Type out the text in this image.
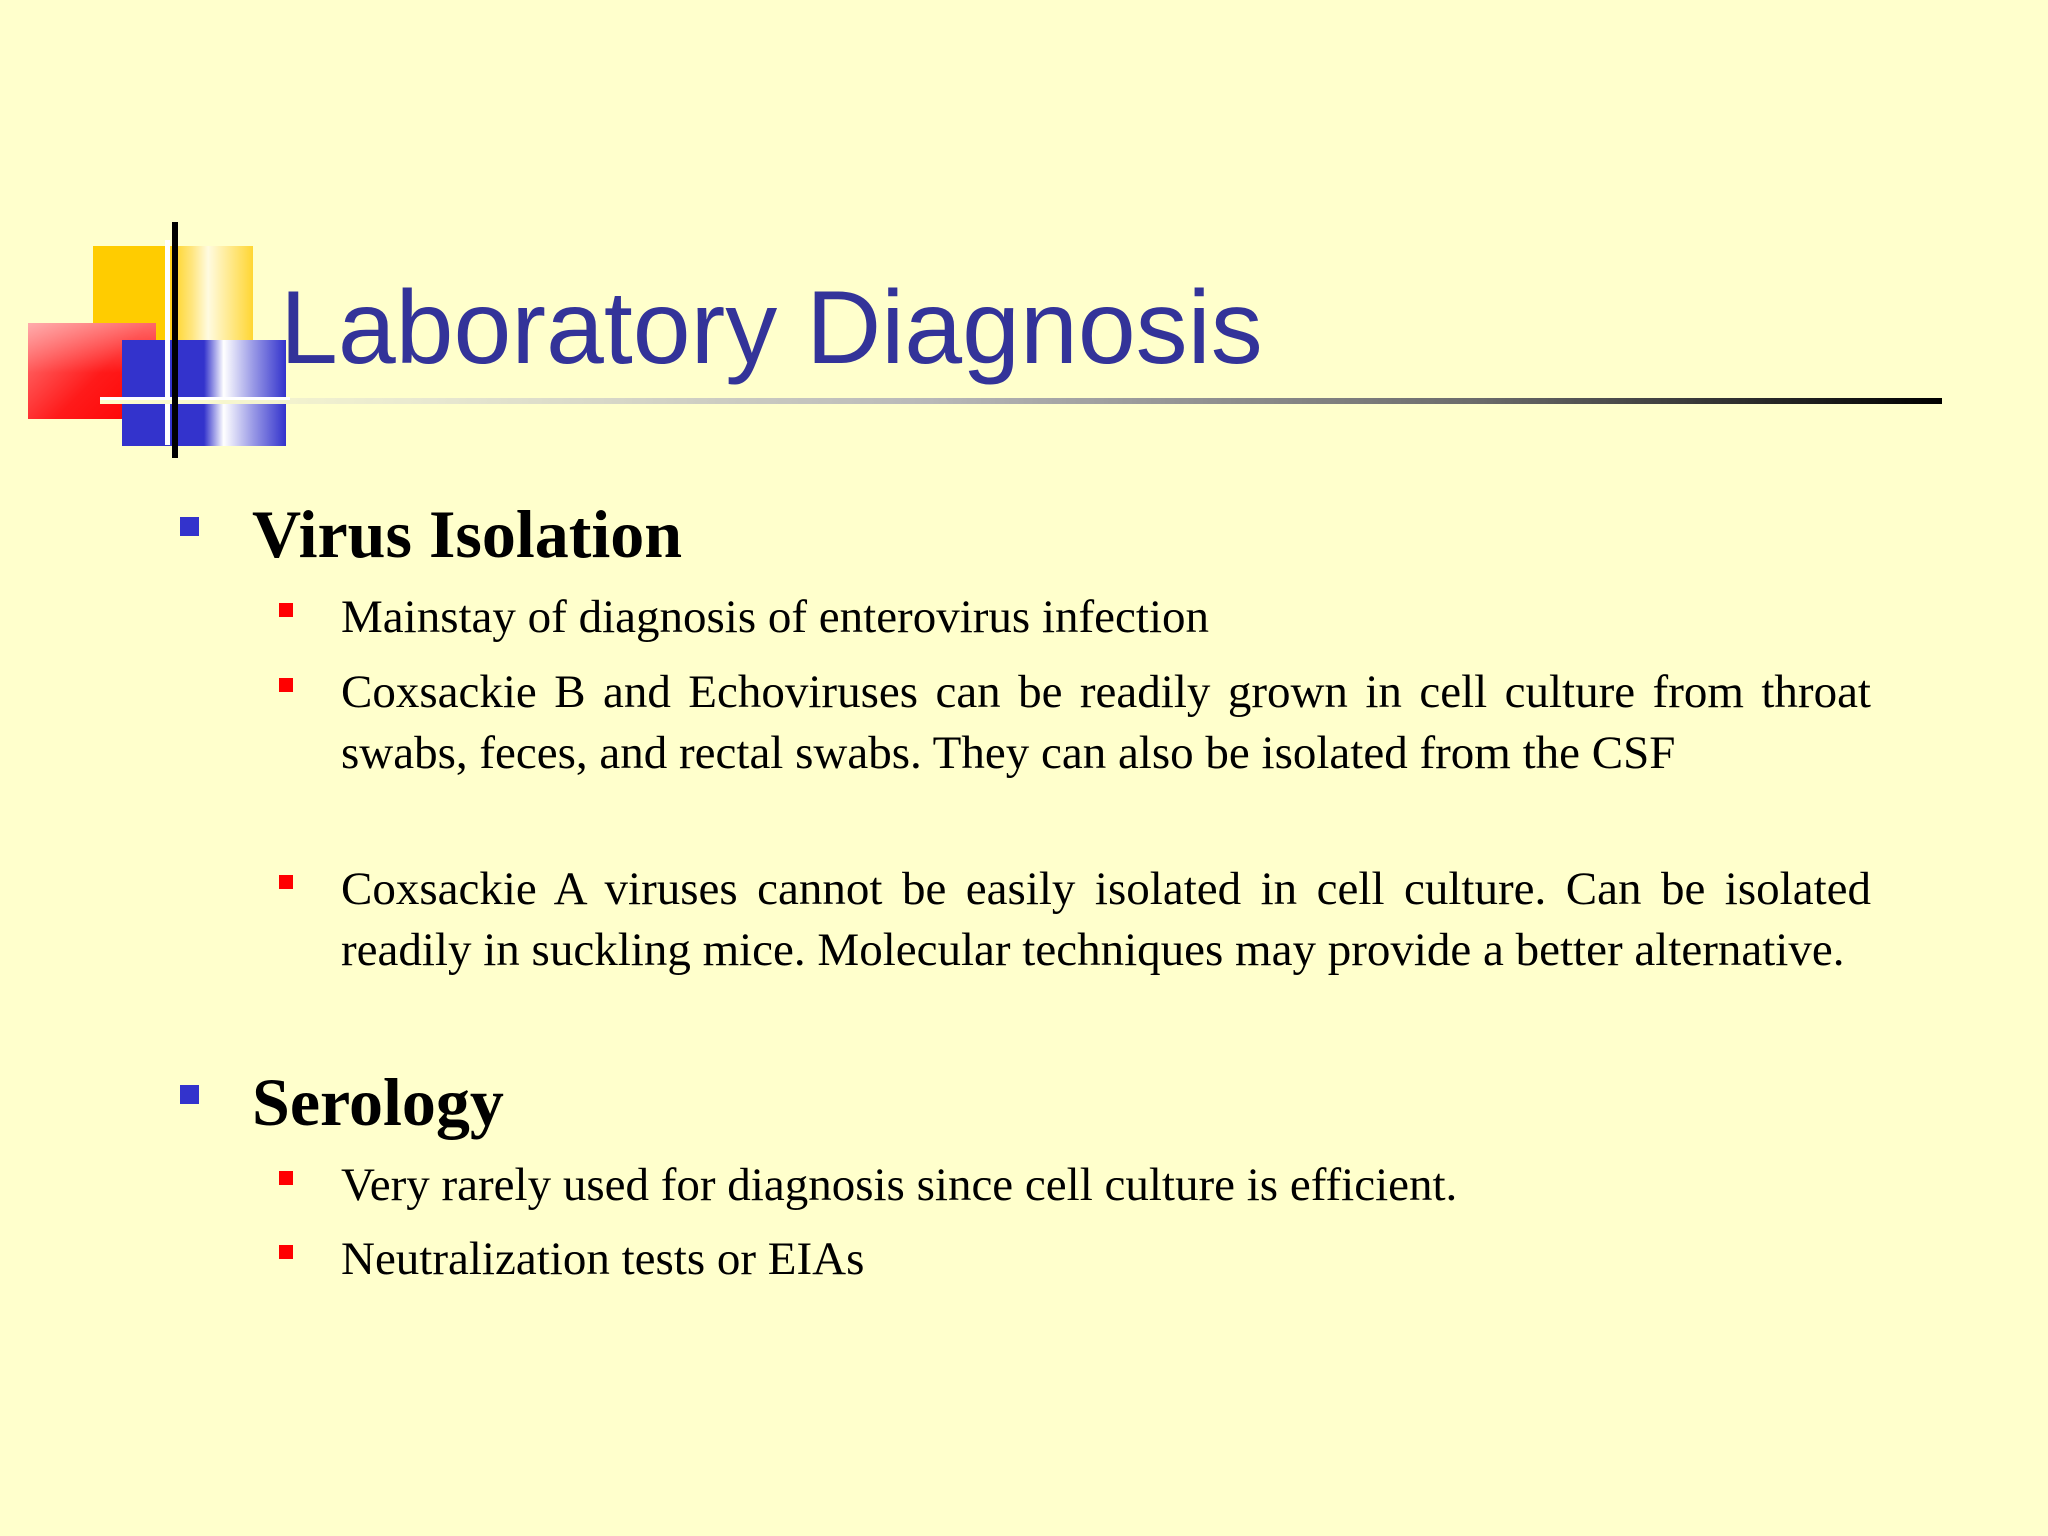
Laboratory Diagnosis
Virus Isolation
Mainstay of diagnosis of enterovirus infection
Coxsackie B and Echoviruses can be readily grown in cell culture from throat swabs, feces, and rectal swabs. They can also be isolated from the CSF
Coxsackie A viruses cannot be easily isolated in cell culture. Can be isolated readily in suckling mice. Molecular techniques may provide a better alternative.
Serology
Very rarely used for diagnosis since cell culture is efficient.
Neutralization tests or EIAs
